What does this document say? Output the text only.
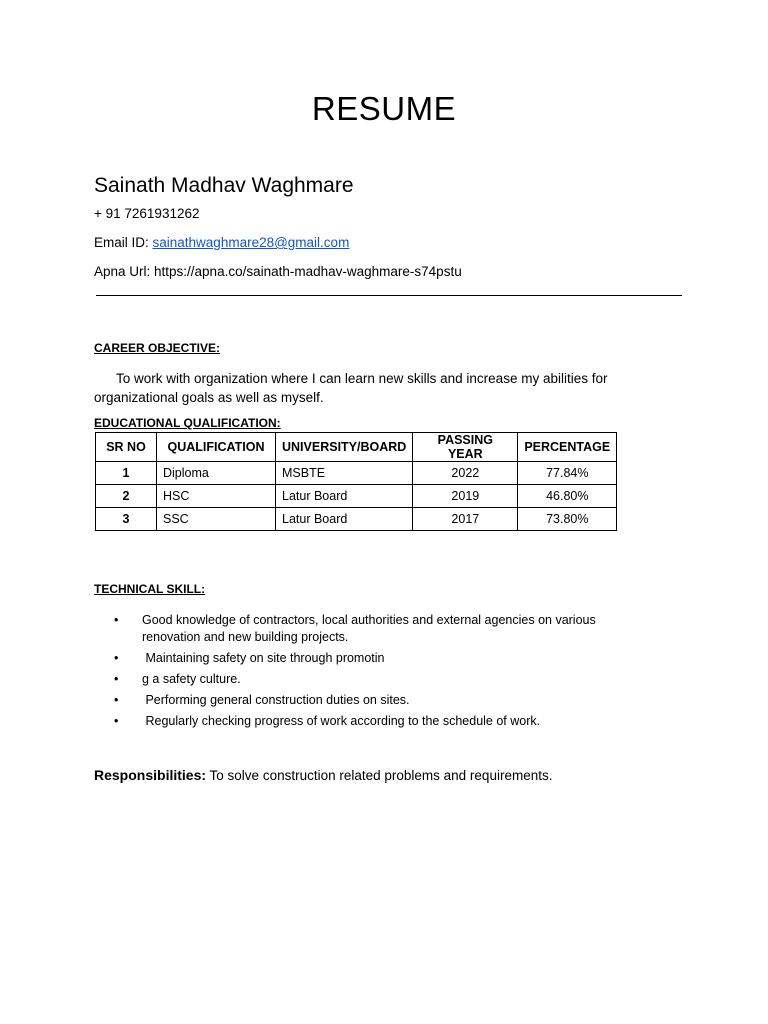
RESUME
Sainath Madhav Waghmare
+ 91 7261931262
Email ID: sainathwaghmare28@gmail.com
Apna Url: https://apna.co/sainath-madhav-waghmare-s74pstu
CAREER OBJECTIVE:
To work with organization where I can learn new skills and increase my abilities for organizational goals as well as myself.
EDUCATIONAL QUALIFICATION:
SR NO	QUALIFICATION	UNIVERSITY/BOARD	PASSING YEAR	PERCENTAGE
1	Diploma	MSBTE	2022	77.84%
2	HSC	Latur Board	2019	46.80%
3	SSC	Latur Board	2017	73.80%
TECHNICAL SKILL:
• Good knowledge of contractors, local authorities and external agencies on various renovation and new building projects.
• Maintaining safety on site through promotin
• g a safety culture.
• Performing general construction duties on sites.
• Regularly checking progress of work according to the schedule of work.
Responsibilities: To solve construction related problems and requirements.
